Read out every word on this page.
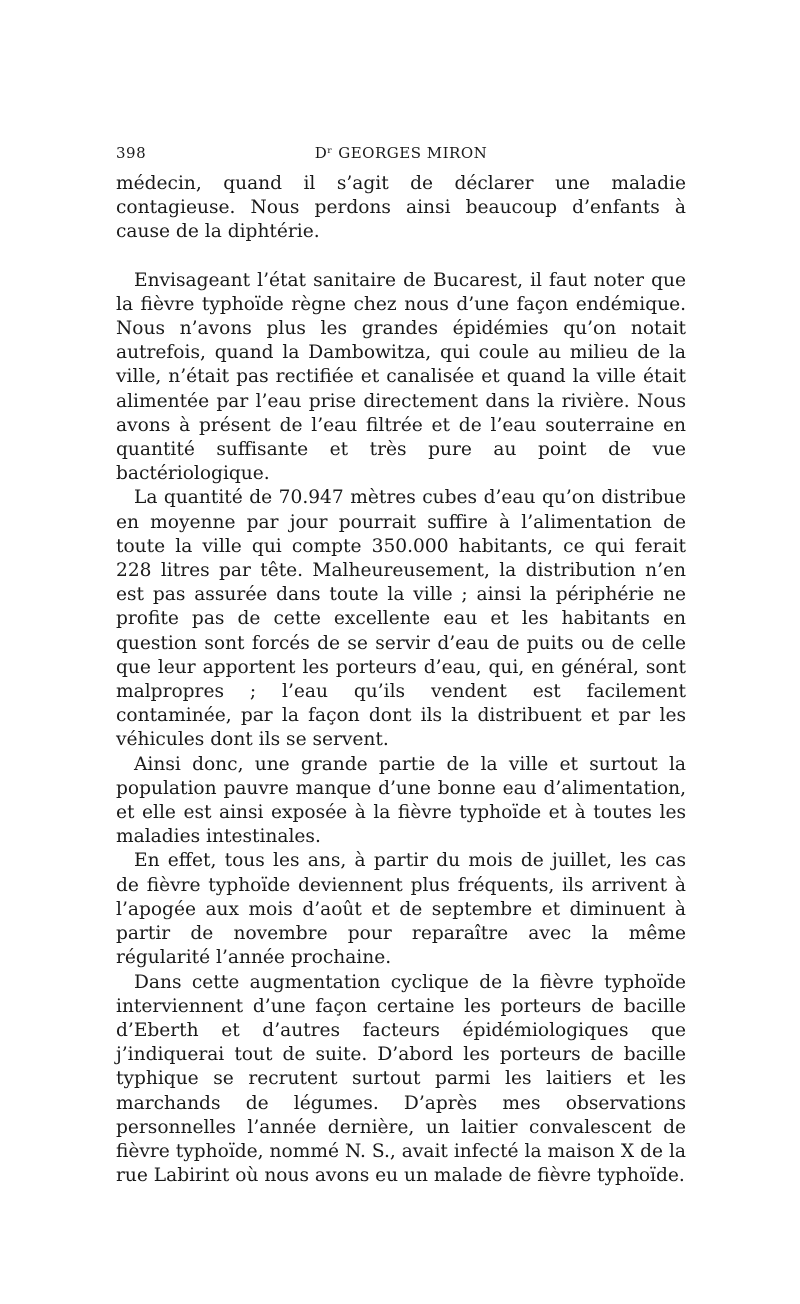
398	Dʳ GEORGES MIRON

médecin, quand il s’agit de déclarer une maladie contagieuse. Nous perdons ainsi beaucoup d’enfants à cause de la diphtérie.

Envisageant l’état sanitaire de Bucarest, il faut noter que la fièvre typhoïde règne chez nous d’une façon endémique. Nous n’avons plus les grandes épidémies qu’on notait autrefois, quand la Dambowitza, qui coule au milieu de la ville, n’était pas rectifiée et canalisée et quand la ville était alimentée par l’eau prise directement dans la rivière. Nous avons à présent de l’eau filtrée et de l’eau souterraine en quantité suffisante et très pure au point de vue bactériologique.

La quantité de 70.947 mètres cubes d’eau qu’on distribue en moyenne par jour pourrait suffire à l’alimentation de toute la ville qui compte 350.000 habitants, ce qui ferait 228 litres par tête. Malheureusement, la distribution n’en est pas assurée dans toute la ville ; ainsi la périphérie ne profite pas de cette excellente eau et les habitants en question sont forcés de se servir d’eau de puits ou de celle que leur apportent les porteurs d’eau, qui, en général, sont malpropres ; l’eau qu’ils vendent est facilement contaminée, par la façon dont ils la distribuent et par les véhicules dont ils se servent.

Ainsi donc, une grande partie de la ville et surtout la population pauvre manque d’une bonne eau d’alimentation, et elle est ainsi exposée à la fièvre typhoïde et à toutes les maladies intestinales.

En effet, tous les ans, à partir du mois de juillet, les cas de fièvre typhoïde deviennent plus fréquents, ils arrivent à l’apogée aux mois d’août et de septembre et diminuent à partir de novembre pour reparaître avec la même régularité l’année prochaine.

Dans cette augmentation cyclique de la fièvre typhoïde interviennent d’une façon certaine les porteurs de bacille d’Eberth et d’autres facteurs épidémiologiques que j’indiquerai tout de suite. D’abord les porteurs de bacille typhique se recrutent surtout parmi les laitiers et les marchands de légumes. D’après mes observations personnelles l’année dernière, un laitier convalescent de fièvre typhoïde, nommé N. S., avait infecté la maison X de la rue Labirint où nous avons eu un malade de fièvre typhoïde.
